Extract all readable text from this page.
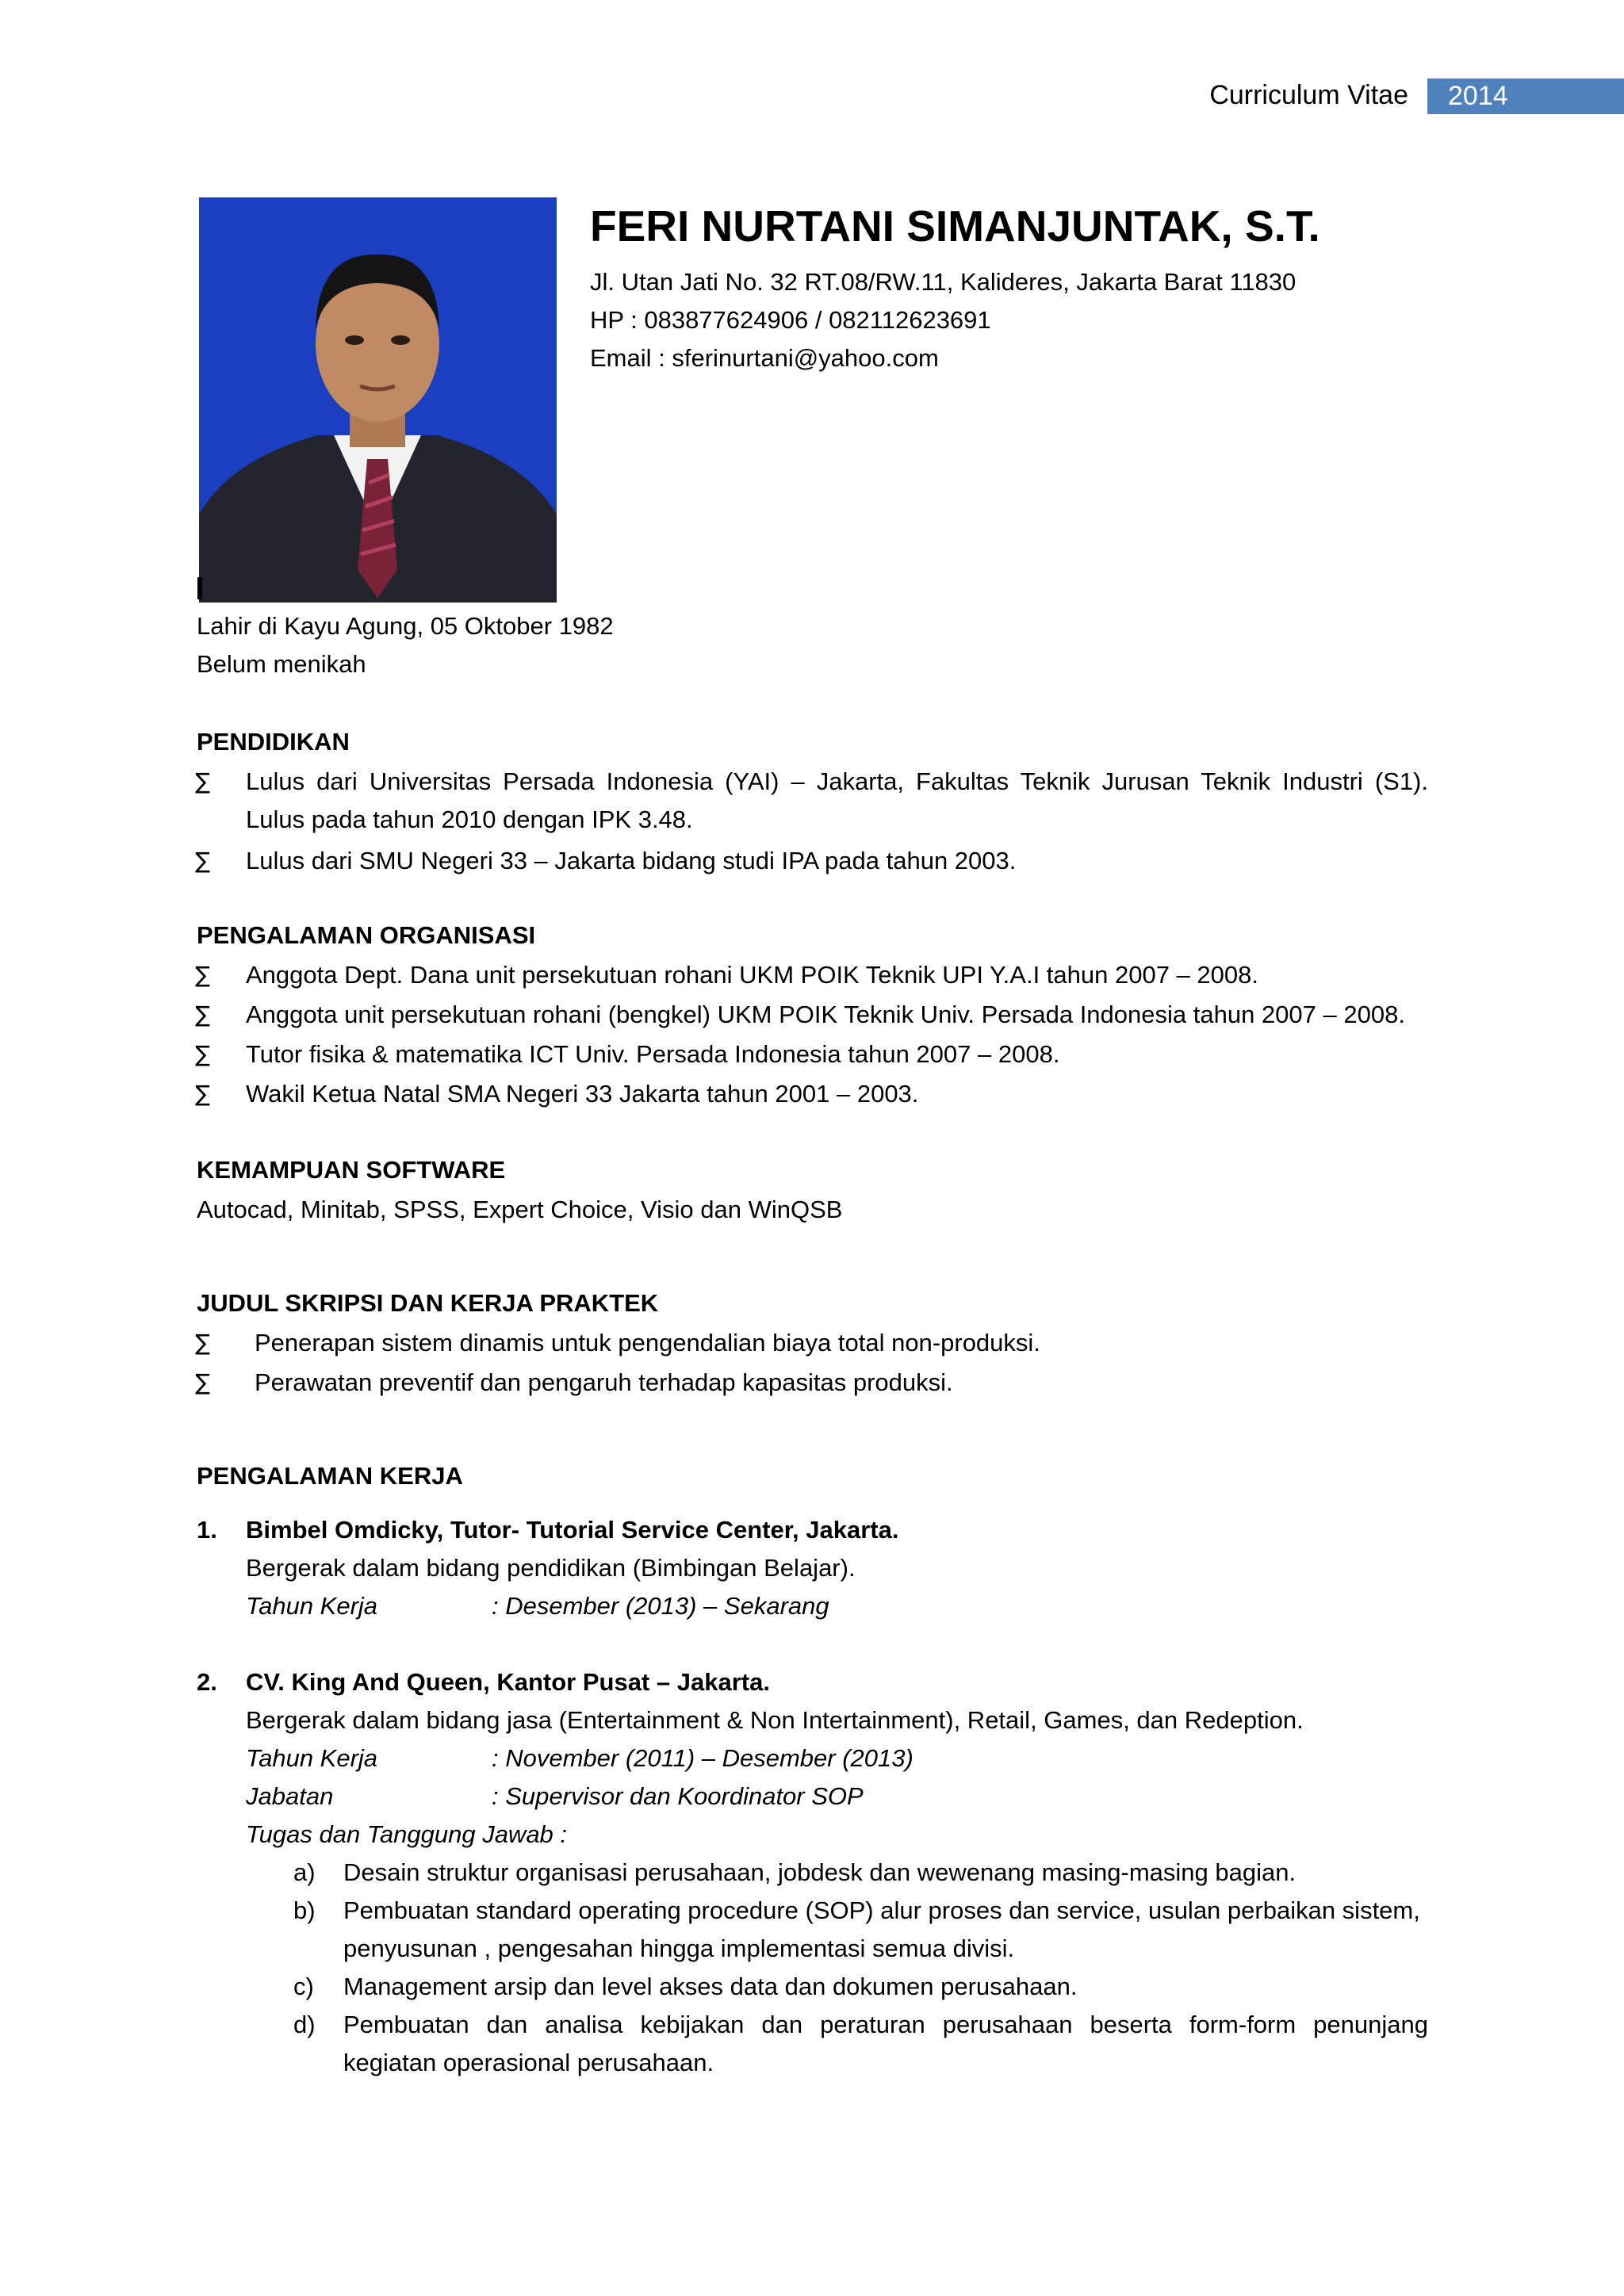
Curriculum Vitae 2014
FERI NURTANI SIMANJUNTAK, S.T.
Jl. Utan Jati No. 32 RT.08/RW.11, Kalideres, Jakarta Barat 11830
HP : 083877624906 / 082112623691
Email : sferinurtani@yahoo.com
Lahir di Kayu Agung, 05 Oktober 1982
Belum menikah
PENDIDIKAN
∑ Lulus dari Universitas Persada Indonesia (YAI) – Jakarta, Fakultas Teknik Jurusan Teknik Industri (S1).
Lulus pada tahun 2010 dengan IPK 3.48.
∑ Lulus dari SMU Negeri 33 – Jakarta bidang studi IPA pada tahun 2003.
PENGALAMAN ORGANISASI
∑ Anggota Dept. Dana unit persekutuan rohani UKM POIK Teknik UPI Y.A.I tahun 2007 – 2008.
∑ Anggota unit persekutuan rohani (bengkel) UKM POIK Teknik Univ. Persada Indonesia tahun 2007 – 2008.
∑ Tutor fisika & matematika ICT Univ. Persada Indonesia tahun 2007 – 2008.
∑ Wakil Ketua Natal SMA Negeri 33 Jakarta tahun 2001 – 2003.
KEMAMPUAN SOFTWARE
Autocad, Minitab, SPSS, Expert Choice, Visio dan WinQSB
JUDUL SKRIPSI DAN KERJA PRAKTEK
∑ Penerapan sistem dinamis untuk pengendalian biaya total non-produksi.
∑ Perawatan preventif dan pengaruh terhadap kapasitas produksi.
PENGALAMAN KERJA
1. Bimbel Omdicky, Tutor- Tutorial Service Center, Jakarta.
Bergerak dalam bidang pendidikan (Bimbingan Belajar).
Tahun Kerja	: Desember (2013) – Sekarang
2. CV. King And Queen, Kantor Pusat – Jakarta.
Bergerak dalam bidang jasa (Entertainment & Non Intertainment), Retail, Games, dan Redeption.
Tahun Kerja	: November (2011) – Desember (2013)
Jabatan	: Supervisor dan Koordinator SOP
Tugas dan Tanggung Jawab :
a) Desain struktur organisasi perusahaan, jobdesk dan wewenang masing-masing bagian.
b) Pembuatan standard operating procedure (SOP) alur proses dan service, usulan perbaikan sistem,
penyusunan , pengesahan hingga implementasi semua divisi.
c) Management arsip dan level akses data dan dokumen perusahaan.
d) Pembuatan dan analisa kebijakan dan peraturan perusahaan beserta form-form penunjang
kegiatan operasional perusahaan.
